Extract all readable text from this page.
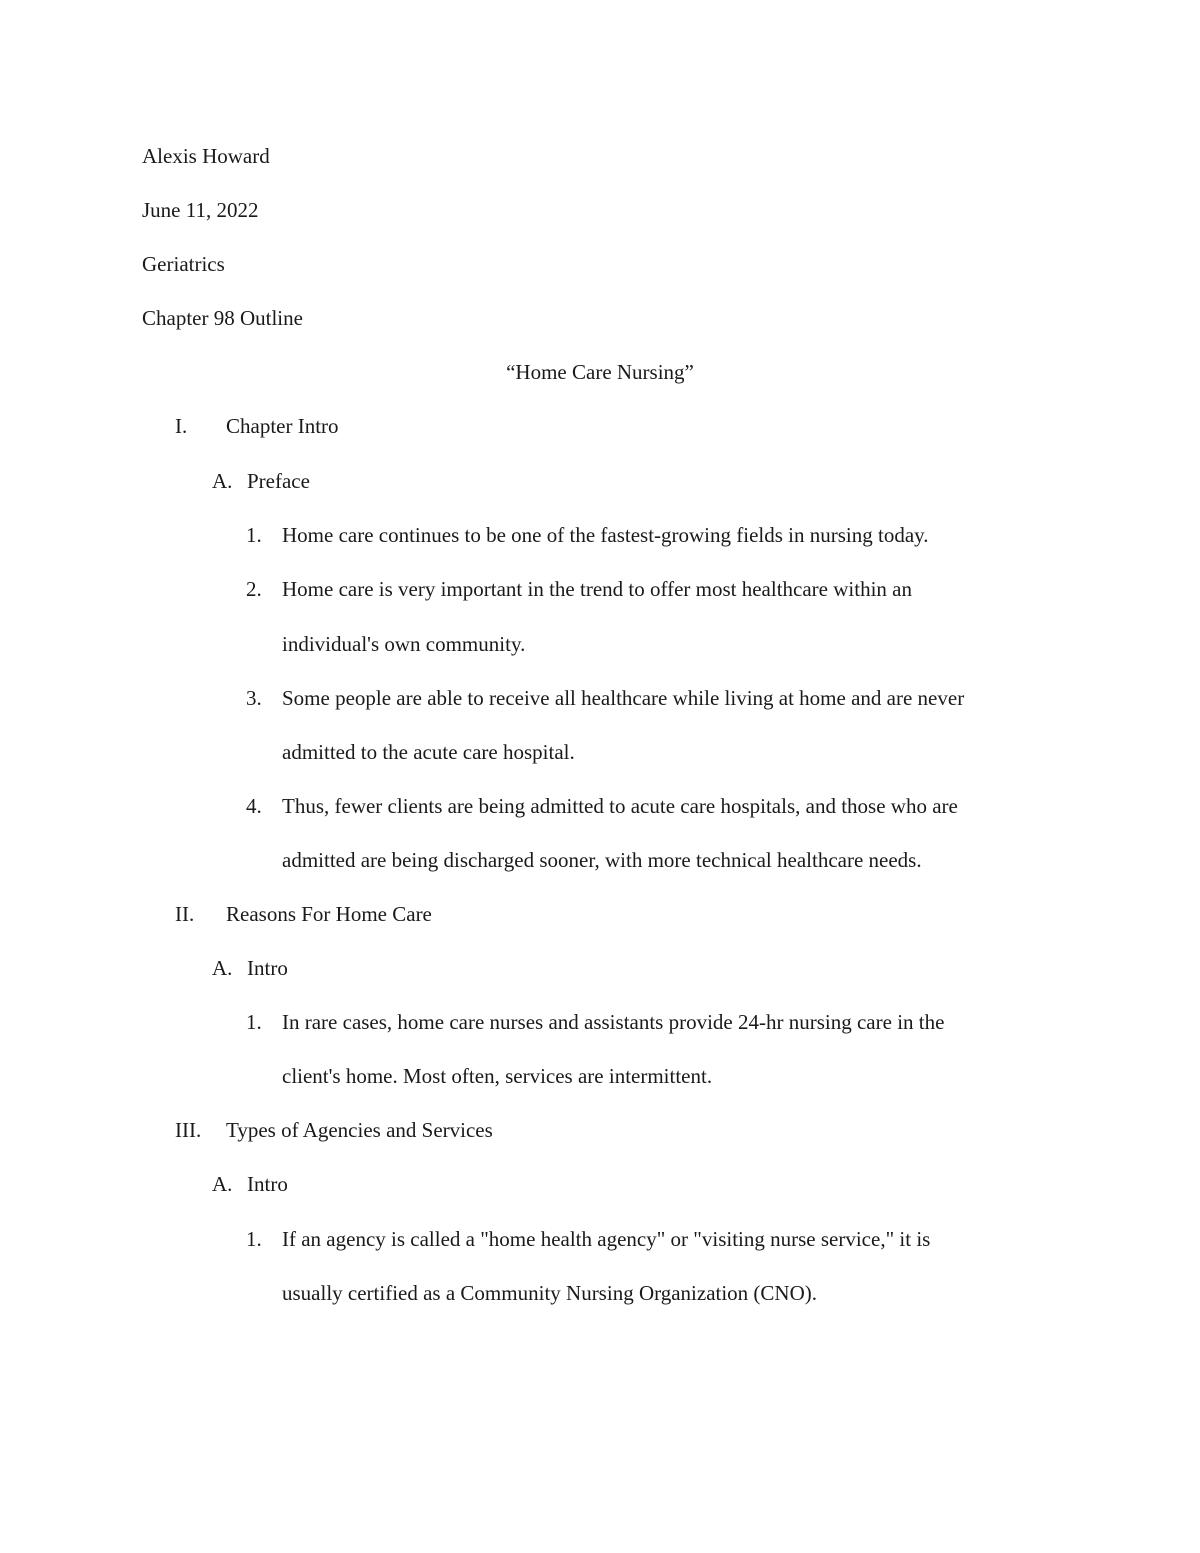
Alexis Howard
June 11, 2022
Geriatrics
Chapter 98 Outline
“Home Care Nursing”
I. Chapter Intro
A. Preface
1. Home care continues to be one of the fastest-growing fields in nursing today.
2. Home care is very important in the trend to offer most healthcare within an
individual's own community.
3. Some people are able to receive all healthcare while living at home and are never
admitted to the acute care hospital.
4. Thus, fewer clients are being admitted to acute care hospitals, and those who are
admitted are being discharged sooner, with more technical healthcare needs.
II. Reasons For Home Care
A. Intro
1. In rare cases, home care nurses and assistants provide 24-hr nursing care in the
client's home. Most often, services are intermittent.
III. Types of Agencies and Services
A. Intro
1. If an agency is called a "home health agency" or "visiting nurse service," it is
usually certified as a Community Nursing Organization (CNO).
